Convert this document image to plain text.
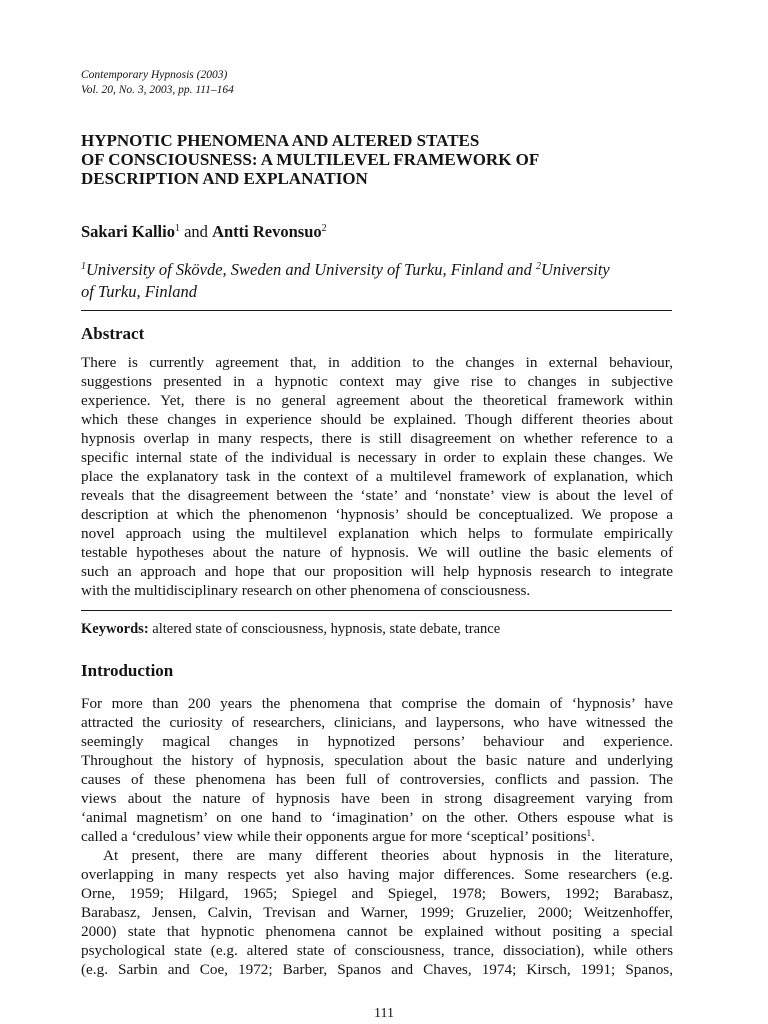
Contemporary Hypnosis (2003)
Vol. 20, No. 3, 2003, pp. 111–164
HYPNOTIC PHENOMENA AND ALTERED STATES
OF CONSCIOUSNESS: A MULTILEVEL FRAMEWORK OF
DESCRIPTION AND EXPLANATION
Sakari Kallio$^1$ and Antti Revonsuo$^2$
$^1$University of Skövde, Sweden and University of Turku, Finland and $^2$University
of Turku, Finland
Abstract
There is currently agreement that, in addition to the changes in external behaviour,
suggestions presented in a hypnotic context may give rise to changes in subjective
experience. Yet, there is no general agreement about the theoretical framework within
which these changes in experience should be explained. Though different theories about
hypnosis overlap in many respects, there is still disagreement on whether reference to a
specific internal state of the individual is necessary in order to explain these changes. We
place the explanatory task in the context of a multilevel framework of explanation, which
reveals that the disagreement between the ‘state’ and ‘nonstate’ view is about the level of
description at which the phenomenon ‘hypnosis’ should be conceptualized. We propose a
novel approach using the multilevel explanation which helps to formulate empirically
testable hypotheses about the nature of hypnosis. We will outline the basic elements of
such an approach and hope that our proposition will help hypnosis research to integrate
with the multidisciplinary research on other phenomena of consciousness.
Keywords: altered state of consciousness, hypnosis, state debate, trance
Introduction
For more than 200 years the phenomena that comprise the domain of ‘hypnosis’ have
attracted the curiosity of researchers, clinicians, and laypersons, who have witnessed the
seemingly magical changes in hypnotized persons’ behaviour and experience.
Throughout the history of hypnosis, speculation about the basic nature and underlying
causes of these phenomena has been full of controversies, conflicts and passion. The
views about the nature of hypnosis have been in strong disagreement varying from
‘animal magnetism’ on one hand to ‘imagination’ on the other. Others espouse what is
called a ‘credulous’ view while their opponents argue for more ‘sceptical’ positions$^1$.
At present, there are many different theories about hypnosis in the literature,
overlapping in many respects yet also having major differences. Some researchers (e.g.
Orne, 1959; Hilgard, 1965; Spiegel and Spiegel, 1978; Bowers, 1992; Barabasz,
Barabasz, Jensen, Calvin, Trevisan and Warner, 1999; Gruzelier, 2000; Weitzenhoffer,
2000) state that hypnotic phenomena cannot be explained without positing a special
psychological state (e.g. altered state of consciousness, trance, dissociation), while others
(e.g. Sarbin and Coe, 1972; Barber, Spanos and Chaves, 1974; Kirsch, 1991; Spanos,
111
